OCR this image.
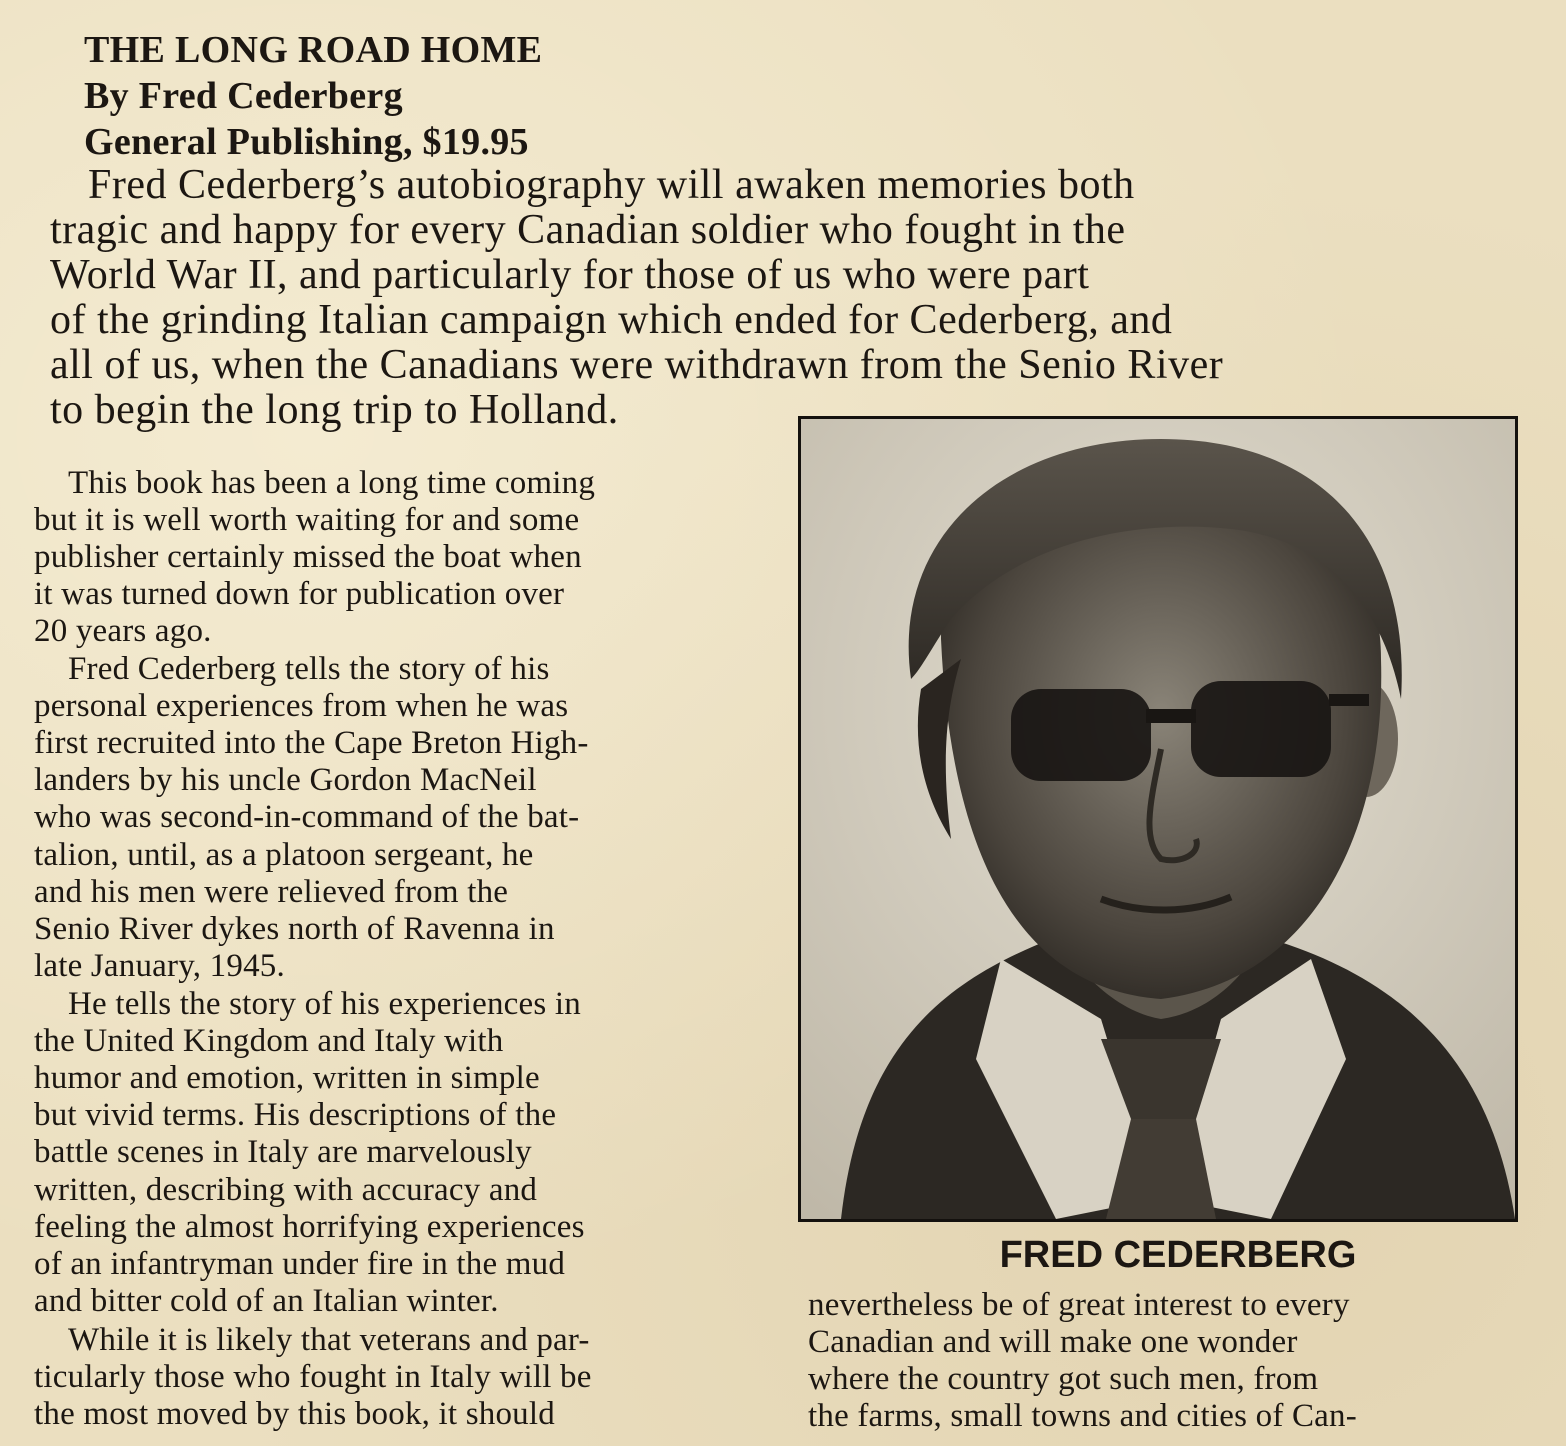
THE LONG ROAD HOME
By Fred Cederberg
General Publishing, $19.95
Fred Cederberg’s autobiography will awaken memories both
tragic and happy for every Canadian soldier who fought in the
World War II, and particularly for those of us who were part
of the grinding Italian campaign which ended for Cederberg, and
all of us, when the Canadians were withdrawn from the Senio River
to begin the long trip to Holland.
This book has been a long time coming
but it is well worth waiting for and some
publisher certainly missed the boat when
it was turned down for publication over
20 years ago.
Fred Cederberg tells the story of his
personal experiences from when he was
first recruited into the Cape Breton High-
landers by his uncle Gordon MacNeil
who was second-in-command of the bat-
talion, until, as a platoon sergeant, he
and his men were relieved from the
Senio River dykes north of Ravenna in
late January, 1945.
He tells the story of his experiences in
the United Kingdom and Italy with
humor and emotion, written in simple
but vivid terms. His descriptions of the
battle scenes in Italy are marvelously
written, describing with accuracy and
feeling the almost horrifying experiences
of an infantryman under fire in the mud
and bitter cold of an Italian winter.
While it is likely that veterans and par-
ticularly those who fought in Italy will be
the most moved by this book, it should
FRED CEDERBERG
nevertheless be of great interest to every
Canadian and will make one wonder
where the country got such men, from
the farms, small towns and cities of Can-
